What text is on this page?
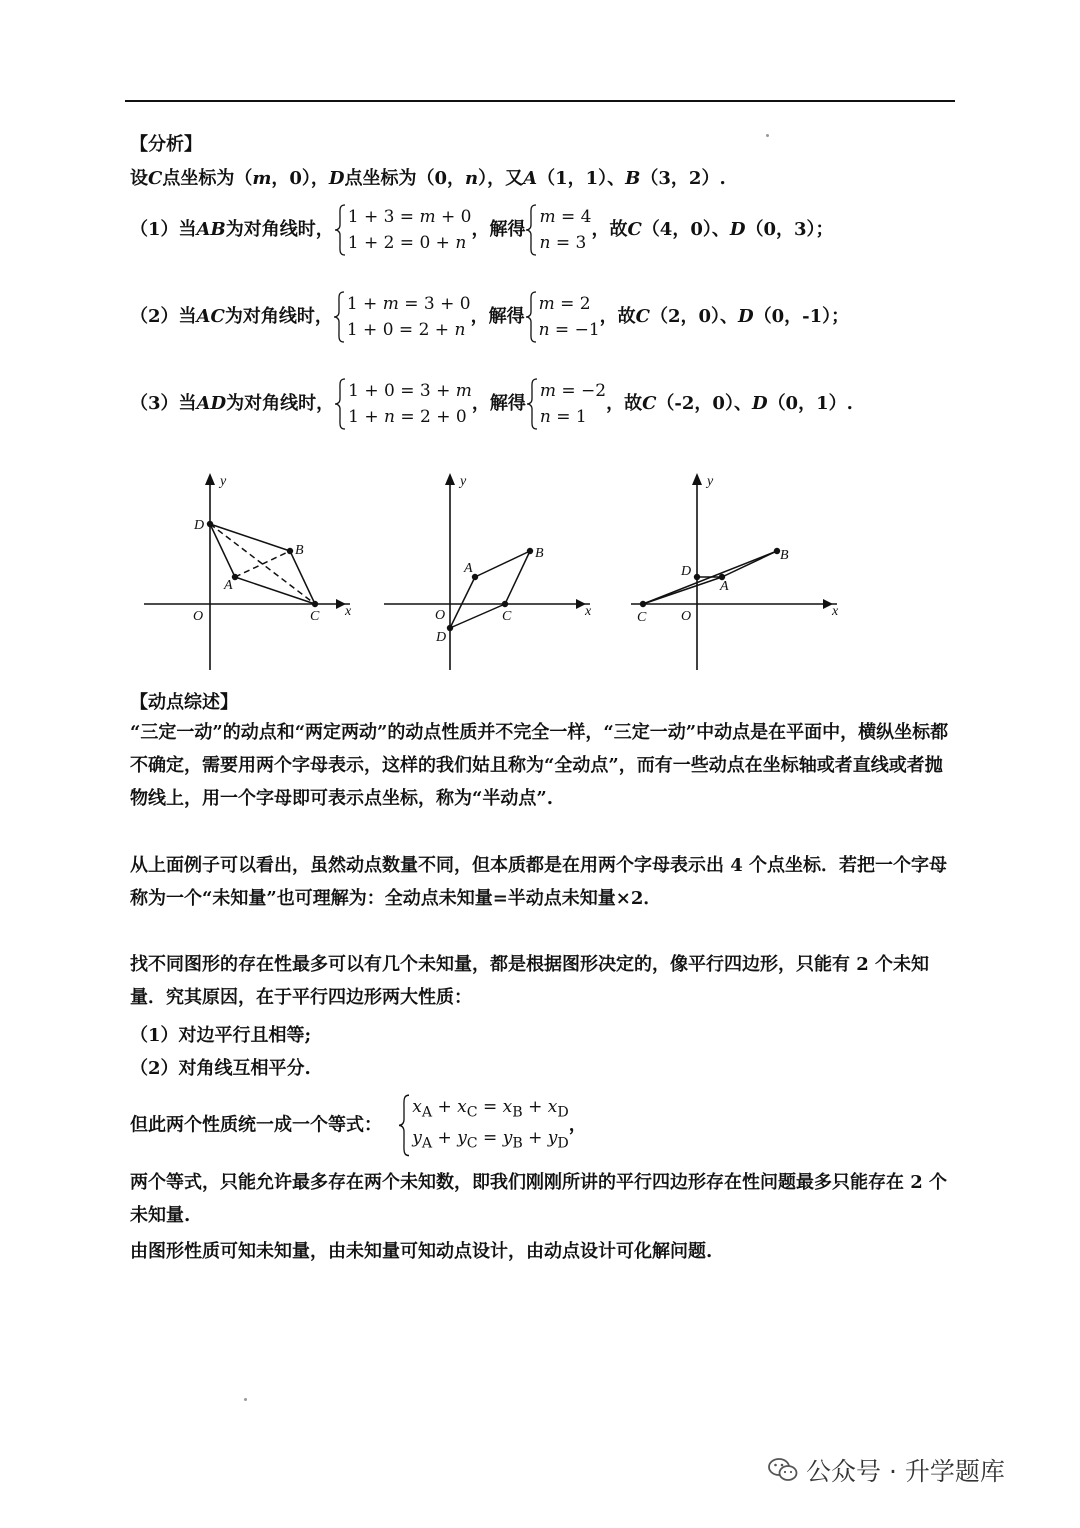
【分析】
设C点坐标为（m，0），D点坐标为（0，n），又A（1，1）、B（3，2）.
（1）当AB为对角线时，
1 + 3 = m + 0
1 + 2 = 0 + n
，解得
m = 4
n = 3
，故C（4，0）、D（0，3）；
（2）当AC为对角线时，
1 + m = 3 + 0
1 + 0 = 2 + n
，解得
m = 2
n = −1
，故C（2，0）、D（0，-1）；
（3）当AD为对角线时，
1 + 0 = 3 + m
1 + n = 2 + 0
，解得
m = −2
n = 1
，故C（-2，0）、D（0，1）.
y
x
O
D
B
A
C
y
x
O
A
B
C
D
y
x
O
A
B
C
D
【动点综述】
“三定一动”的动点和“两定两动”的动点性质并不完全一样，“三定一动”中动点是在平面中，横纵坐标都不确定，需要用两个字母表示，这样的我们姑且称为“全动点”，而有一些动点在坐标轴或者直线或者抛物线上，用一个字母即可表示点坐标，称为“半动点”.
从上面例子可以看出，虽然动点数量不同，但本质都是在用两个字母表示出 4 个点坐标．若把一个字母称为一个“未知量”也可理解为：全动点未知量=半动点未知量×2．
找不同图形的存在性最多可以有几个未知量，都是根据图形决定的，像平行四边形，只能有 2 个未知量．究其原因，在于平行四边形两大性质：
（1）对边平行且相等;
（2）对角线互相平分.
但此两个性质统一成一个等式：
$x_A + x_C = x_B + x_D$
$y_A + y_C = y_B + y_D$
，
两个等式，只能允许最多存在两个未知数，即我们刚刚所讲的平行四边形存在性问题最多只能存在 2 个未知量.
由图形性质可知未知量，由未知量可知动点设计，由动点设计可化解问题.
公众号 · 升学题库
